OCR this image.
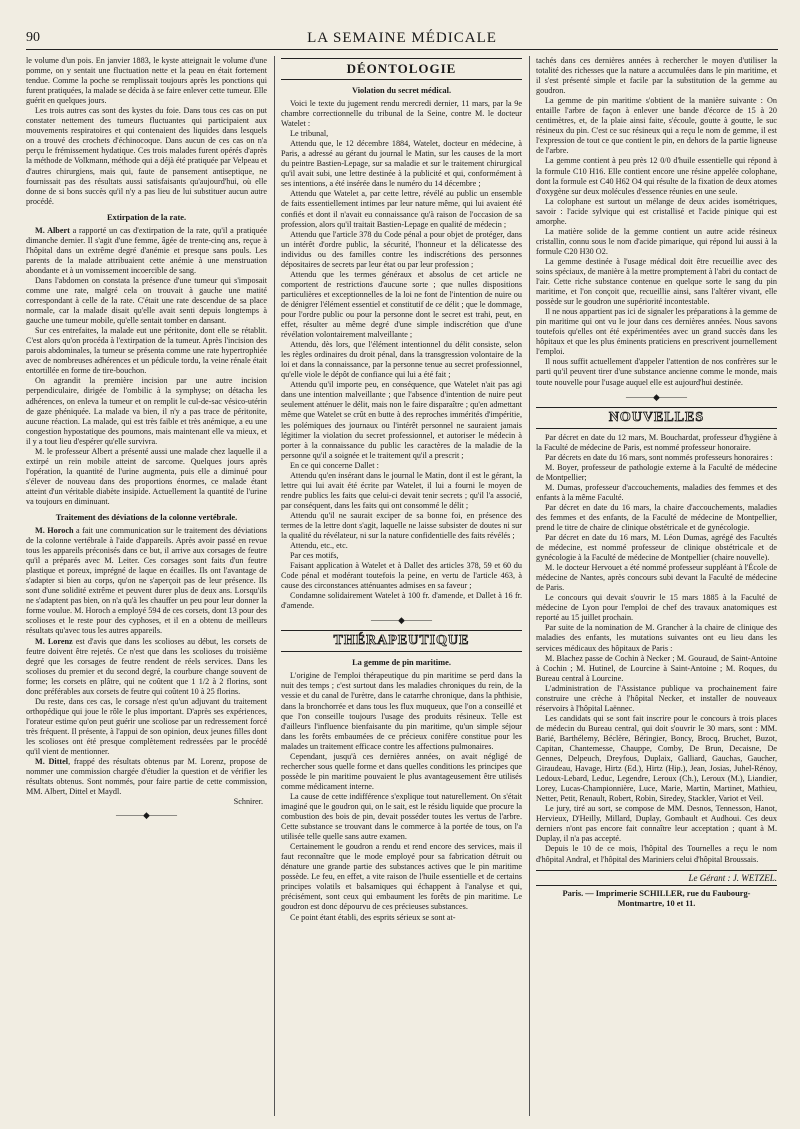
90	LA SEMAINE MÉDICALE

le volume d'un pois. En janvier 1883, le kyste atteignait le volume d'une pomme, on y sentait une fluctuation nette et la peau en était fortement tendue. Comme la poche se remplissait toujours après les ponctions qui furent pratiquées, la malade se décida à se faire enlever cette tumeur. Elle guérit en quelques jours.

Les trois autres cas sont des kystes du foie. Dans tous ces cas on put constater nettement des tumeurs fluctuantes qui participaient aux mouvements respiratoires et qui contenaient des liquides dans lesquels on a trouvé des crochets d'échinocoque. Dans aucun de ces cas on n'a perçu le frémissement hydatique. Ces trois malades furent opérés d'après la méthode de Volkmann, méthode qui a déjà été pratiquée par Velpeau et d'autres chirurgiens, mais qui, faute de pansement antiseptique, ne fournissait pas des résultats aussi satisfaisants qu'aujourd'hui, où elle donne de si bons succès qu'il n'y a pas lieu de lui substituer aucun autre procédé.

Extirpation de la rate.

M. Albert a rapporté un cas d'extirpation de la rate, qu'il a pratiquée dimanche dernier. Il s'agit d'une femme, âgée de trente-cinq ans, reçue à l'hôpital dans un extrême degré d'anémie et presque sans pouls. Les parents de la malade attribuaient cette anémie à une menstruation abondante et à un vomissement incoercible de sang.

Dans l'abdomen on constata la présence d'une tumeur qui s'imposait comme une rate, malgré cela on trouvait à gauche une matité correspondant à celle de la rate. C'était une rate descendue de sa place normale, car la malade disait qu'elle avait senti depuis longtemps à gauche une tumeur mobile, qu'elle sentait tomber en dansant.

Sur ces entrefaites, la malade eut une péritonite, dont elle se rétablit. C'est alors qu'on procéda à l'extirpation de la tumeur. Après l'incision des parois abdominales, la tumeur se présenta comme une rate hypertrophiée avec de nombreuses adhérences et un pédicule tordu, la veine rénale était entortillée en forme de tire-bouchon.

On agrandit la première incision par une autre incision perpendiculaire, dirigée de l'ombilic à la symphyse; on détacha les adhérences, on enleva la tumeur et on remplit le cul-de-sac vésico-utérin de gaze phéniquée. La malade va bien, il n'y a pas trace de péritonite, aucune réaction. La malade, qui est très faible et très anémique, a eu une congestion hypostatique des poumons, mais maintenant elle va mieux, et il y a tout lieu d'espérer qu'elle survivra.

M. le professeur Albert a présenté aussi une malade chez laquelle il a extirpé un rein mobile atteint de sarcome. Quelques jours après l'opération, la quantité de l'urine augmenta, puis elle a diminué pour s'élever de nouveau dans des proportions énormes, ce malade étant atteint d'un véritable diabète insipide. Actuellement la quantité de l'urine va toujours en diminuant.

Traitement des déviations de la colonne vertébrale.

M. Horoch a fait une communication sur le traitement des déviations de la colonne vertébrale à l'aide d'appareils. Après avoir passé en revue tous les appareils préconisés dans ce but, il arrive aux corsages de feutre qu'il a préparés avec M. Leiter. Ces corsages sont faits d'un feutre plastique et poreux, imprégné de laque en écailles. Ils ont l'avantage de s'adapter si bien au corps, qu'on ne s'aperçoit pas de leur présence. Ils sont d'une solidité extrême et peuvent durer plus de deux ans. Lorsqu'ils ne s'adaptent pas bien, on n'a qu'à les chauffer un peu pour leur donner la forme voulue. M. Horoch a employé 594 de ces corsets, dont 13 pour des scolioses et le reste pour des cyphoses, et il en a obtenu de meilleurs résultats qu'avec tous les autres appareils.

M. Lorenz est d'avis que dans les scolioses au début, les corsets de feutre doivent être rejetés. Ce n'est que dans les scolioses du troisième degré que les corsages de feutre rendent de réels services. Dans les scolioses du premier et du second degré, la courbure change souvent de forme; les corsets en plâtre, qui ne coûtent que 1 1/2 à 2 florins, sont donc préférables aux corsets de feutre qui coûtent 10 à 25 florins.

Du reste, dans ces cas, le corsage n'est qu'un adjuvant du traitement orthopédique qui joue le rôle le plus important. D'après ses expériences, l'orateur estime qu'on peut guérir une scoliose par un redressement forcé très fréquent. Il présente, à l'appui de son opinion, deux jeunes filles dont les scolioses ont été presque complètement redressées par le procédé qu'il vient de mentionner.

M. Dittel, frappé des résultats obtenus par M. Lorenz, propose de nommer une commission chargée d'étudier la question et de vérifier les résultats obtenus. Sont nommés, pour faire partie de cette commission, MM. Albert, Dittel et Maydl.

Schnirer.
———◆———
DÉONTOLOGIE
Violation du secret médical.

Voici le texte du jugement rendu mercredi dernier, 11 mars, par la 9e chambre correctionnelle du tribunal de la Seine, contre M. le docteur Watelet :

Le tribunal,

Attendu que, le 12 décembre 1884, Watelet, docteur en médecine, à Paris, a adressé au gérant du journal le Matin, sur les causes de la mort du peintre Bastien-Lepage, sur sa maladie et sur le traitement chirurgical qu'il avait subi, une lettre destinée à la publicité et qui, conformément à ses intentions, a été insérée dans le numéro du 14 décembre ;

Attendu que Watelet a, par cette lettre, révélé au public un ensemble de faits essentiellement intimes par leur nature même, qui lui avaient été confiés et dont il n'avait eu connaissance qu'à raison de l'occasion de sa profession, alors qu'il traitait Bastien-Lepage en qualité de médecin ;

Attendu que l'article 378 du Code pénal a pour objet de protéger, dans un intérêt d'ordre public, la sécurité, l'honneur et la délicatesse des individus ou des familles contre les indiscrétions des personnes dépositaires de secrets par leur état ou par leur profession ;

Attendu que les termes généraux et absolus de cet article ne comportent de restrictions d'aucune sorte ; que nulles dispositions particulières et exceptionnelles de la loi ne font de l'intention de nuire ou de dénigrer l'élément essentiel et constitutif de ce délit ; que le dommage, pour l'ordre public ou pour la personne dont le secret est trahi, peut, en effet, résulter au même degré d'une simple indiscrétion que d'une révélation volontairement malveillante ;

Attendu, dès lors, que l'élément intentionnel du délit consiste, selon les règles ordinaires du droit pénal, dans la transgression volontaire de la loi et dans la connaissance, par la personne tenue au secret professionnel, qu'elle viole le dépôt de confiance qui lui a été fait ;

Attendu qu'il importe peu, en conséquence, que Watelet n'ait pas agi dans une intention malveillante ; que l'absence d'intention de nuire peut seulement atténuer le délit, mais non le faire disparaître ; qu'en admettant même que Watelet se crût en butte à des reproches immérités d'impéritie, les polémiques des journaux ou l'intérêt personnel ne sauraient jamais légitimer la violation du secret professionnel, et autoriser le médecin à porter à la connaissance du public les caractères de la maladie de la personne qu'il a soignée et le traitement qu'il a prescrit ;

En ce qui concerne Dallet :

Attendu qu'en insérant dans le journal le Matin, dont il est le gérant, la lettre qui lui avait été écrite par Watelet, il lui a fourni le moyen de rendre publics les faits que celui-ci devait tenir secrets ; qu'il l'a associé, par conséquent, dans les faits qui ont consommé le délit ;

Attendu qu'il ne saurait exciper de sa bonne foi, en présence des termes de la lettre dont s'agit, laquelle ne laisse subsister de doutes ni sur la qualité du révélateur, ni sur la nature confidentielle des faits révélés ;

Attendu, etc., etc.

Par ces motifs,

Faisant application à Watelet et à Dallet des articles 378, 59 et 60 du Code pénal et modérant toutefois la peine, en vertu de l'article 463, à cause des circonstances atténuantes admises en sa faveur ;

Condamne solidairement Watelet à 100 fr. d'amende, et Dallet à 16 fr. d'amende.

———◆———
THÉRAPEUTIQUE
La gemme de pin maritime.

L'origine de l'emploi thérapeutique du pin maritime se perd dans la nuit des temps ; c'est surtout dans les maladies chroniques du rein, de la vessie et du canal de l'urètre, dans le catarrhe chronique, dans la phthisie, dans la bronchorrée et dans tous les flux muqueux, que l'on a conseillé et que l'on conseille toujours l'usage des produits résineux. Telle est d'ailleurs l'influence bienfaisante du pin maritime, qu'un simple séjour dans les forêts embaumées de ce précieux conifère constitue pour les malades un traitement efficace contre les affections pulmonaires.

Cependant, jusqu'à ces dernières années, on avait négligé de rechercher sous quelle forme et dans quelles conditions les principes que possède le pin maritime pouvaient le plus avantageusement être utilisés comme médicament interne.

La cause de cette indifférence s'explique tout naturellement. On s'était imaginé que le goudron qui, on le sait, est le résidu liquide que procure la combustion des bois de pin, devait posséder toutes les vertus de l'arbre. Cette substance se trouvant dans le commerce à la portée de tous, on l'a utilisée telle quelle sans autre examen.

Certainement le goudron a rendu et rend encore des services, mais il faut reconnaître que le mode employé pour sa fabrication détruit ou dénature une grande partie des substances actives que le pin maritime possède. Le feu, en effet, a vite raison de l'huile essentielle et de certains principes volatils et balsamiques qui échappent à l'analyse et qui, précisément, sont ceux qui embaument les forêts de pin maritime. Le goudron est donc dépourvu de ces précieuses substances.

Ce point étant établi, des esprits sérieux se sont at-

tachés dans ces dernières années à rechercher le moyen d'utiliser la totalité des richesses que la nature a accumulées dans le pin maritime, et il s'est présenté simple et facile par la substitution de la gemme au goudron.

La gemme de pin maritime s'obtient de la manière suivante : On entaille l'arbre de façon à enlever une bande d'écorce de 15 à 20 centimètres, et, de la plaie ainsi faite, s'écoule, goutte à goutte, le suc résineux du pin. C'est ce suc résineux qui a reçu le nom de gemme, il est l'expression de tout ce que contient le pin, en dehors de la partie ligneuse de l'arbre.

La gemme contient à peu près 12 0/0 d'huile essentielle qui répond à la formule C10 H16. Elle contient encore une résine appelée colophane, dont la formule est C40 H62 O4 qui résulte de la fixation de deux atomes d'oxygène sur deux molécules d'essence réunies en une seule.

La colophane est surtout un mélange de deux acides isométriques, savoir : l'acide sylvique qui est cristallisé et l'acide pinique qui est amorphe.

La matière solide de la gemme contient un autre acide résineux cristallin, connu sous le nom d'acide pimarique, qui répond lui aussi à la formule C20 H30 O2.

La gemme destinée à l'usage médical doit être recueillie avec des soins spéciaux, de manière à la mettre promptement à l'abri du contact de l'air. Cette riche substance contenue en quelque sorte le sang du pin maritime, et l'on conçoit que, recueillie ainsi, sans l'altérer vivant, elle possède sur le goudron une supériorité incontestable.

Il ne nous appartient pas ici de signaler les préparations à la gemme de pin maritime qui ont vu le jour dans ces dernières années. Nous savons toutefois qu'elles ont été expérimentées avec un grand succès dans les hôpitaux et que les plus éminents praticiens en prescrivent journellement l'emploi.

Il nous suffit actuellement d'appeler l'attention de nos confrères sur le parti qu'il peuvent tirer d'une substance ancienne comme le monde, mais toute nouvelle pour l'usage auquel elle est aujourd'hui destinée.

———◆———
NOUVELLES

Par décret en date du 12 mars, M. Bouchardat, professeur d'hygiène à la Faculté de médecine de Paris, est nommé professeur honoraire.

Par décrets en date du 16 mars, sont nommés professeurs honoraires :

M. Boyer, professeur de pathologie externe à la Faculté de médecine de Montpellier;

M. Dumas, professeur d'accouchements, maladies des femmes et des enfants à la même Faculté.

Par décret en date du 16 mars, la chaire d'accouchements, maladies des femmes et des enfants, de la Faculté de médecine de Montpellier, prend le titre de chaire de clinique obstétricale et de gynécologie.

Par décret en date du 16 mars, M. Léon Dumas, agrégé des Facultés de médecine, est nommé professeur de clinique obstétricale et de gynécologie à la Faculté de médecine de Montpellier (chaire nouvelle).

M. le docteur Hervouet a été nommé professeur suppléant à l'École de médecine de Nantes, après concours subi devant la Faculté de médecine de Paris.

Le concours qui devait s'ouvrir le 15 mars 1885 à la Faculté de médecine de Lyon pour l'emploi de chef des travaux anatomiques est reporté au 15 juillet prochain.

Par suite de la nomination de M. Grancher à la chaire de clinique des maladies des enfants, les mutations suivantes ont eu lieu dans les services médicaux des hôpitaux de Paris :

M. Blachez passe de Cochin à Necker ; M. Gouraud, de Saint-Antoine à Cochin ; M. Hutinel, de Lourcine à Saint-Antoine ; M. Roques, du Bureau central à Lourcine.

L'administration de l'Assistance publique va prochainement faire construire une crèche à l'hôpital Necker, et installer de nouveaux réservoirs à l'hôpital Laënnec.

Les candidats qui se sont fait inscrire pour le concours à trois places de médecin du Bureau central, qui doit s'ouvrir le 30 mars, sont : MM. Barié, Barthélemy, Béclère, Béringier, Boncy, Brocq, Bruchet, Buzot, Capitan, Chantemesse, Chauppe, Comby, De Brun, Decaisne, De Gennes, Delpeuch, Dreyfous, Duplaix, Galliard, Gauchas, Gaucher, Giraudeau, Havage, Hirtz (Ed.), Hirtz (Hip.), Jean, Josias, Juhel-Rénoy, Ledoux-Lebard, Leduc, Legendre, Leroux (Ch.), Leroux (M.), Liandier, Lorey, Lucas-Championnière, Luce, Marie, Martin, Martinet, Mathieu, Netter, Petit, Renault, Robert, Robin, Siredey, Stackler, Variot et Veil.

Le jury, tiré au sort, se compose de MM. Desnos, Tennesson, Hanot, Hervieux, D'Heilly, Millard, Duplay, Gombault et Audhoui. Ces deux derniers n'ont pas encore fait connaître leur acceptation ; quant à M. Duplay, il n'a pas accepté.

Depuis le 10 de ce mois, l'hôpital des Tournelles a reçu le nom d'hôpital Andral, et l'hôpital des Mariniers celui d'hôpital Broussais.

Le Gérant : J. WETZEL.
Paris. — Imprimerie SCHILLER, rue du Faubourg-
Montmartre, 10 et 11.
